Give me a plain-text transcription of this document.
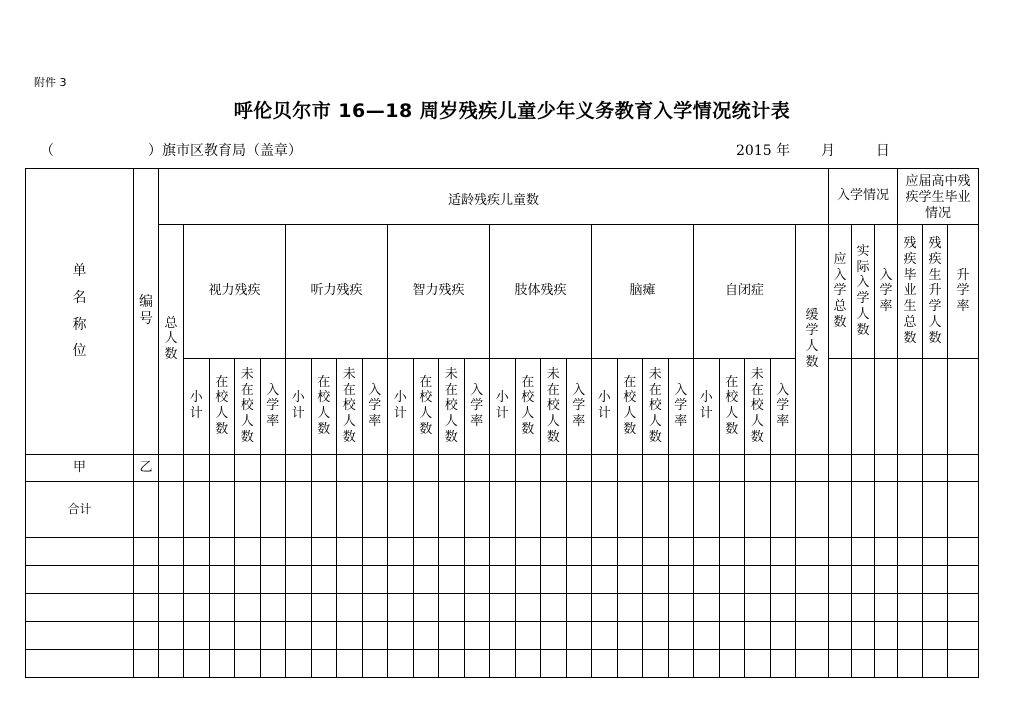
附件 3
呼伦贝尔市 16—18 周岁残疾儿童少年义务教育入学情况统计表
（	）旗市区教育局（盖章）	2015 年 月	日
单名称位	编号	适龄残疾儿童数																										入学情况			应届高中残疾学生毕业情况		
		总人数	视力残疾				听力残疾				智力残疾				肢体残疾				脑瘫				自闭症				缓学人数	应入学总数	实际入学人数	入学率	残疾毕业生总数	残疾生升学人数	升学率
			小计	在校人数	未在校人数	入学率	小计	在校人数	未在校人数	入学率	小计	在校人数	未在校人数	入学率	小计	在校人数	未在校人数	入学率	小计	在校人数	未在校人数	入学率	小计	在校人数	未在校人数	入学率							
甲	乙																																
合计																																	
